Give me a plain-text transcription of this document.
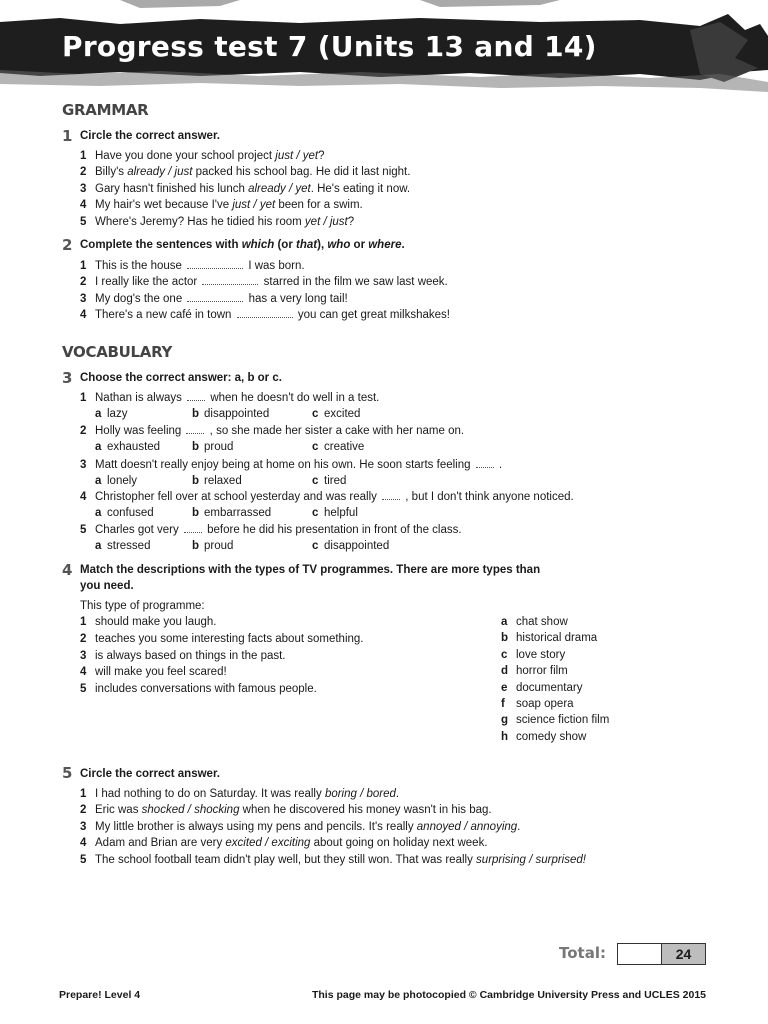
Progress test 7 (Units 13 and 14)
GRAMMAR
1 Circle the correct answer.
1 Have you done your school project just / yet?
2 Billy's already / just packed his school bag. He did it last night.
3 Gary hasn't finished his lunch already / yet. He's eating it now.
4 My hair's wet because I've just / yet been for a swim.
5 Where's Jeremy? Has he tidied his room yet / just?
2 Complete the sentences with which (or that), who or where.
1 This is the house	I was born.
2 I really like the actor	starred in the film we saw last week.
3 My dog's the one	has a very long tail!
4 There's a new café in town	you can get great milkshakes!
VOCABULARY
3 Choose the correct answer: a, b or c.
1 Nathan is always  when he doesn't do well in a test.
a lazy	b disappointed	c excited
2 Holly was feeling  , so she made her sister a cake with her name on.
a exhausted	b proud	c creative
3 Matt doesn't really enjoy being at home on his own. He soon starts feeling  .
a lonely	b relaxed	c tired
4 Christopher fell over at school yesterday and was really  , but I don't think anyone noticed.
a confused	b embarrassed	c helpful
5 Charles got very  before he did his presentation in front of the class.
a stressed	b proud	c disappointed
4 Match the descriptions with the types of TV programmes. There are more types than
you need.
This type of programme:
1 should make you laugh.
2 teaches you some interesting facts about something.
3 is always based on things in the past.
4 will make you feel scared!
5 includes conversations with famous people.
a chat show
b historical drama
c love story
d horror film
e documentary
f soap opera
g science fiction film
h comedy show
5 Circle the correct answer.
1 I had nothing to do on Saturday. It was really boring / bored.
2 Eric was shocked / shocking when he discovered his money wasn't in his bag.
3 My little brother is always using my pens and pencils. It's really annoyed / annoying.
4 Adam and Brian are very excited / exciting about going on holiday next week.
5 The school football team didn't play well, but they still won. That was really surprising / surprised!
Total:	24
Prepare! Level 4	This page may be photocopied © Cambridge University Press and UCLES 2015
